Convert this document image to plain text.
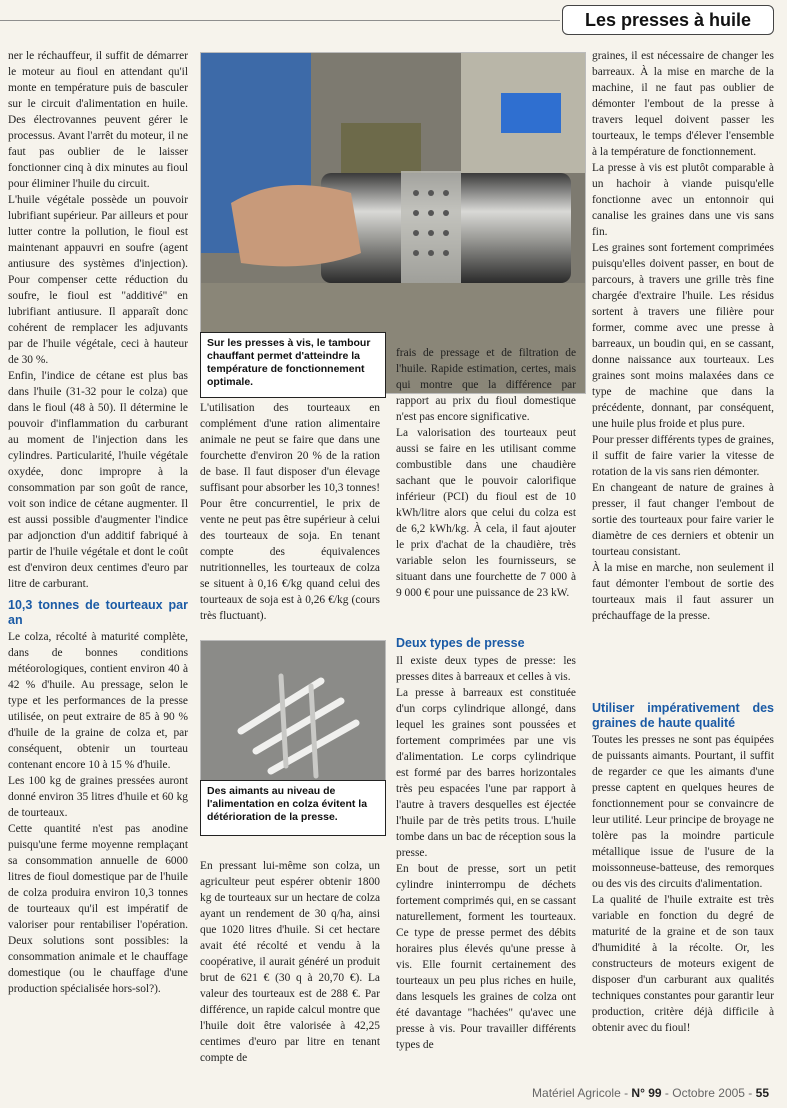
Les presses à huile

ner le réchauffeur, il suffit de démarrer le moteur au fioul en attendant qu'il monte en température puis de basculer sur le circuit d'alimentation en huile. Des électrovannes peuvent gérer le processus. Avant l'arrêt du moteur, il ne faut pas oublier de le laisser fonctionner cinq à dix minutes au fioul pour éliminer l'huile du circuit.

L'huile végétale possède un pouvoir lubrifiant supérieur. Par ailleurs et pour lutter contre la pollution, le fioul est maintenant appauvri en soufre (agent antiusure des systèmes d'injection). Pour compenser cette réduction du soufre, le fioul est "additivé" en lubrifiant antiusure. Il apparaît donc cohérent de remplacer les adjuvants par de l'huile végétale, ceci à hauteur de 30 %.

Enfin, l'indice de cétane est plus bas dans l'huile (31-32 pour le colza) que dans le fioul (48 à 50). Il détermine le pouvoir d'inflammation du carburant au moment de l'injection dans les cylindres. Particularité, l'huile végétale oxydée, donc impropre à la consommation par son goût de rance, voit son indice de cétane augmenter. Il est aussi possible d'augmenter l'indice par adjonction d'un additif fabriqué à partir de l'huile végétale et dont le coût est d'environ deux centimes d'euro par litre de carburant.

10,3 tonnes de tourteaux par an

Le colza, récolté à maturité complète, dans de bonnes conditions météorologiques, contient environ 40 à 42 % d'huile. Au pressage, selon le type et les performances de la presse utilisée, on peut extraire de 85 à 90 % d'huile de la graine de colza et, par conséquent, obtenir un tourteau contenant encore 10 à 15 % d'huile.

Les 100 kg de graines pressées auront donné environ 35 litres d'huile et 60 kg de tourteaux.

Cette quantité n'est pas anodine puisqu'une ferme moyenne remplaçant sa consommation annuelle de 6000 litres de fioul domestique par de l'huile de colza produira environ 10,3 tonnes de tourteaux qu'il est impératif de valoriser pour rentabiliser l'opération. Deux solutions sont possibles: la consommation animale et le chauffage domestique (ou le chauffage d'une production spécialisée hors-sol?).

Sur les presses à vis, le tambour chauffant permet d'atteindre la température de fonctionnement optimale.

L'utilisation des tourteaux en complément d'une ration alimentaire animale ne peut se faire que dans une fourchette d'environ 20 % de la ration de base. Il faut disposer d'un élevage suffisant pour absorber les 10,3 tonnes! Pour être concurrentiel, le prix de vente ne peut pas être supérieur à celui des tourteaux de soja. En tenant compte des équivalences nutritionnelles, les tourteaux de colza se situent à 0,16 €/kg quand celui des tourteaux de soja est à 0,26 €/kg (cours très fluctuant).

Des aimants au niveau de l'alimentation en colza évitent la détérioration de la presse.

En pressant lui-même son colza, un agriculteur peut espérer obtenir 1800 kg de tourteaux sur un hectare de colza ayant un rendement de 30 q/ha, ainsi que 1020 litres d'huile. Si cet hectare avait été récolté et vendu à la coopérative, il aurait généré un produit brut de 621 € (30 q à 20,70 €). La valeur des tourteaux est de 288 €. Par différence, un rapide calcul montre que l'huile doit être valorisée à 42,25 centimes d'euro par litre en tenant compte de

frais de pressage et de filtration de l'huile. Rapide estimation, certes, mais qui montre que la différence par rapport au prix du fioul domestique n'est pas encore significative.

La valorisation des tourteaux peut aussi se faire en les utilisant comme combustible dans une chaudière sachant que le pouvoir calorifique inférieur (PCI) du fioul est de 10 kWh/litre alors que celui du colza est de 6,2 kWh/kg. À cela, il faut ajouter le prix d'achat de la chaudière, très variable selon les fournisseurs, se situant dans une fourchette de 7 000 à 9 000 € pour une puissance de 23 kW.

Deux types de presse

Il existe deux types de presse: les presses dites à barreaux et celles à vis.

La presse à barreaux est constituée d'un corps cylindrique allongé, dans lequel les graines sont poussées et fortement comprimées par une vis d'alimentation. Le corps cylindrique est formé par des barres horizontales très peu espacées l'une par rapport à l'autre à travers desquelles est éjectée l'huile par de très petits trous. L'huile tombe dans un bac de réception sous la presse.

En bout de presse, sort un petit cylindre ininterrompu de déchets fortement comprimés qui, en se cassant naturellement, forment les tourteaux. Ce type de presse permet des débits horaires plus élevés qu'une presse à vis. Elle fournit certainement des tourteaux un peu plus riches en huile, dans lesquels les graines de colza ont été davantage "hachées" qu'avec une presse à vis. Pour travailler différents types de

graines, il est nécessaire de changer les barreaux. À la mise en marche de la machine, il ne faut pas oublier de démonter l'embout de la presse à travers lequel doivent passer les tourteaux, le temps d'élever l'ensemble à la température de fonctionnement.

La presse à vis est plutôt comparable à un hachoir à viande puisqu'elle fonctionne avec un entonnoir qui canalise les graines dans une vis sans fin.

Les graines sont fortement comprimées puisqu'elles doivent passer, en bout de parcours, à travers une grille très fine chargée d'extraire l'huile. Les résidus sortent à travers une filière pour former, comme avec une presse à barreaux, un boudin qui, en se cassant, donne naissance aux tourteaux. Les graines sont moins malaxées dans ce type de machine que dans la précédente, donnant, par conséquent, une huile plus froide et plus pure.

Pour presser différents types de graines, il suffit de faire varier la vitesse de rotation de la vis sans rien démonter.

En changeant de nature de graines à presser, il faut changer l'embout de sortie des tourteaux pour faire varier le diamètre de ces derniers et obtenir un tourteau consistant.

À la mise en marche, non seulement il faut démonter l'embout de sortie des tourteaux mais il faut assurer un préchauffage de la presse.

Utiliser impérativement des graines de haute qualité

Toutes les presses ne sont pas équipées de puissants aimants. Pourtant, il suffit de regarder ce que les aimants d'une presse captent en quelques heures de fonctionnement pour se convaincre de leur utilité. Leur principe de broyage ne tolère pas la moindre particule métallique issue de l'usure de la moissonneuse-batteuse, des remorques ou des vis des circuits d'alimentation.

La qualité de l'huile extraite est très variable en fonction du degré de maturité de la graine et de son taux d'humidité à la récolte. Or, les constructeurs de moteurs exigent de disposer d'un carburant aux qualités techniques constantes pour garantir leur production, critère déjà difficile à obtenir avec du fioul!

Matériel Agricole - N° 99 - Octobre 2005 - 55
